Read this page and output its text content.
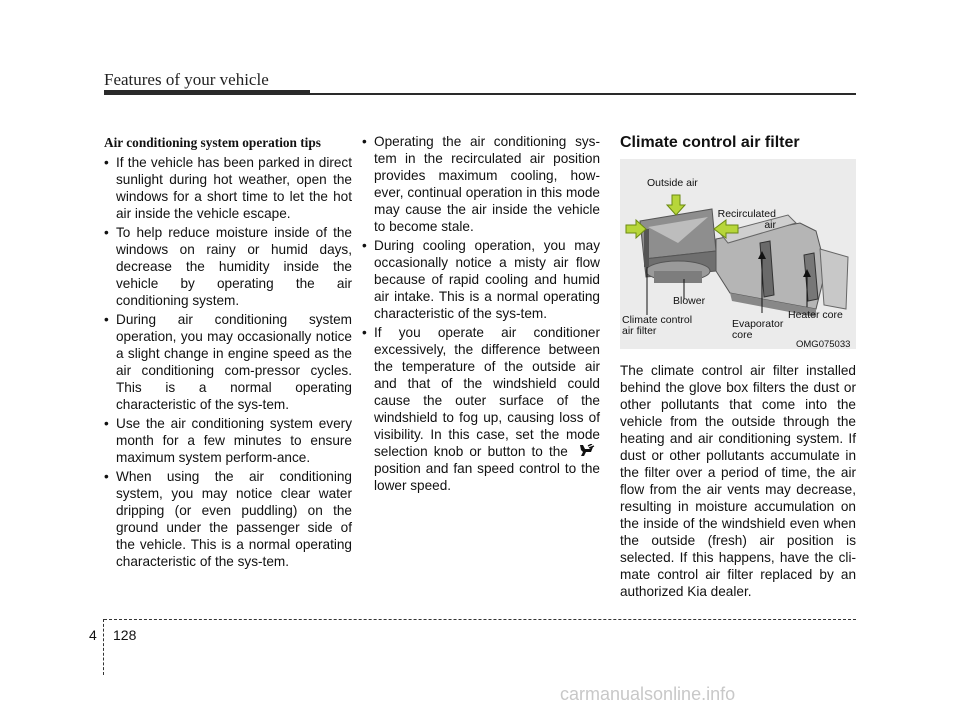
Features of your vehicle
Air conditioning system operation tips
• If the vehicle has been parked in direct sunlight during hot weather, open the windows for a short time to let the hot air inside the vehicle escape.
• To help reduce moisture inside of the windows on rainy or humid days, decrease the humidity inside the vehicle by operating the air conditioning system.
• During air conditioning system operation, you may occasionally notice a slight change in engine speed as the air conditioning com-pressor cycles. This is a normal operating characteristic of the sys-tem.
• Use the air conditioning system every month for a few minutes to ensure maximum system perform-ance.
• When using the air conditioning system, you may notice clear water dripping (or even puddling) on the ground under the passenger side of the vehicle. This is a normal operating characteristic of the sys-tem.
• Operating the air conditioning sys-tem in the recirculated air position provides maximum cooling, how-ever, continual operation in this mode may cause the air inside the vehicle to become stale.
• During cooling operation, you may occasionally notice a misty air flow because of rapid cooling and humid air intake. This is a normal operating characteristic of the sys-tem.
• If you operate air conditioner excessively, the difference between the temperature of the outside air and that of the windshield could cause the outer surface of the windshield to fog up, causing loss of visibility. In this case, set the mode selection knob or button to the  position and fan speed control to the lower speed.
Climate control air filter
Outside air
Recirculated air
Blower
Climate control air filter
Evaporator core
Heater core
OMG075033
The climate control air filter installed behind the glove box filters the dust or other pollutants that come into the vehicle from the outside through the heating and air conditioning system. If dust or other pollutants accumulate in the filter over a period of time, the air flow from the air vents may decrease, resulting in moisture accumulation on the inside of the windshield even when the outside (fresh) air position is selected. If this happens, have the cli-mate control air filter replaced by an authorized Kia dealer.
4 128
carmanualsonline.info
